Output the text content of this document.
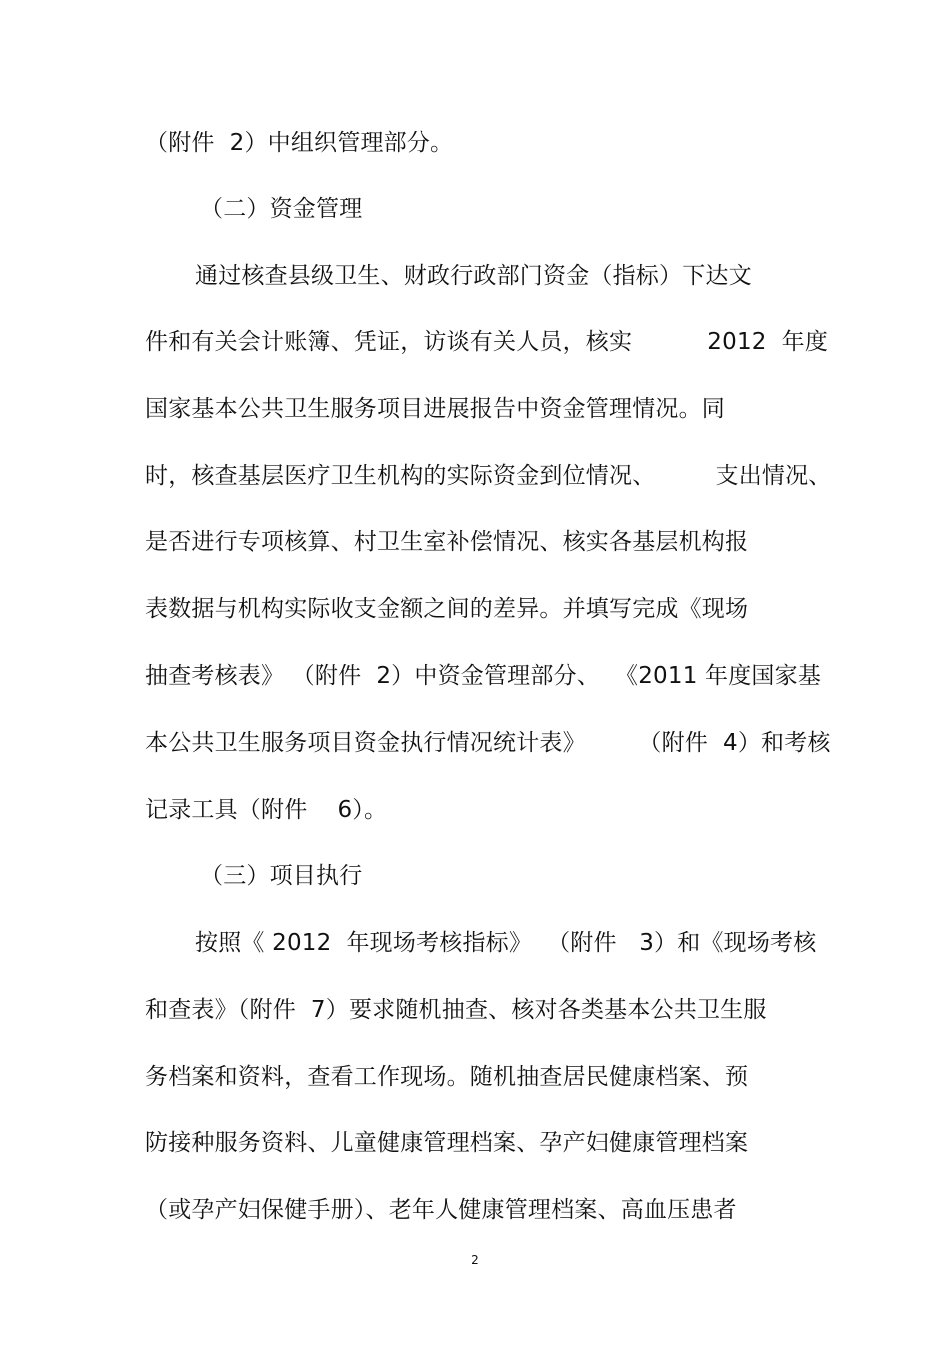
（附件  2）中组织管理部分。
（二）资金管理
通过核查县级卫生、财政行政部门资金（指标）下达文
件和有关会计账簿、凭证，访谈有关人员，核实          2012  年度
国家基本公共卫生服务项目进展报告中资金管理情况。同
时，核查基层医疗卫生机构的实际资金到位情况、        支出情况、
是否进行专项核算、村卫生室补偿情况、核实各基层机构报
表数据与机构实际收支金额之间的差异。并填写完成《现场
抽查考核表》 （附件  2）中资金管理部分、  《2011 年度国家基
本公共卫生服务项目资金执行情况统计表》       （附件  4）和考核
记录工具（附件    6）。
（三）项目执行
按照《 2012  年现场考核指标》  （附件   3）和《现场考核
和查表》（附件  7）要求随机抽查、核对各类基本公共卫生服
务档案和资料，查看工作现场。随机抽查居民健康档案、预
防接种服务资料、儿童健康管理档案、孕产妇健康管理档案
（或孕产妇保健手册）、老年人健康管理档案、高血压患者
2
